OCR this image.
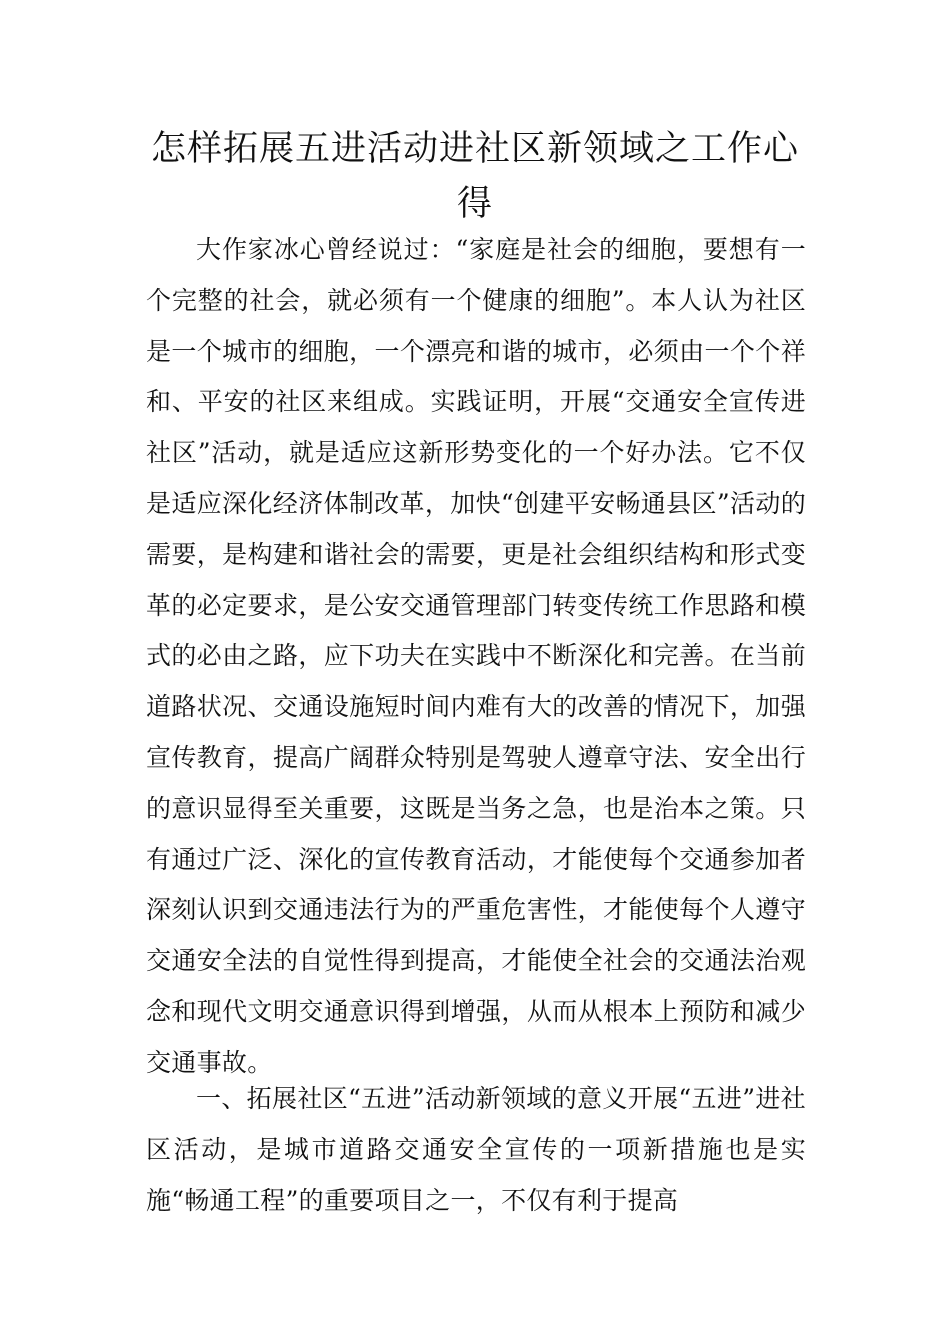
怎样拓展五进活动进社区新领域之工作心得

大作家冰心曾经说过：“家庭是社会的细胞，要想有一个完整的社会，就必须有一个健康的细胞”。本人认为社区是一个城市的细胞，一个漂亮和谐的城市，必须由一个个祥和、平安的社区来组成。实践证明，开展“交通安全宣传进社区”活动，就是适应这新形势变化的一个好办法。它不仅是适应深化经济体制改革，加快“创建平安畅通县区”活动的需要，是构建和谐社会的需要，更是社会组织结构和形式变革的必定要求，是公安交通管理部门转变传统工作思路和模式的必由之路，应下功夫在实践中不断深化和完善。在当前道路状况、交通设施短时间内难有大的改善的情况下，加强宣传教育，提高广阔群众特别是驾驶人遵章守法、安全出行的意识显得至关重要，这既是当务之急，也是治本之策。只有通过广泛、深化的宣传教育活动，才能使每个交通参加者深刻认识到交通违法行为的严重危害性，才能使每个人遵守交通安全法的自觉性得到提高，才能使全社会的交通法治观念和现代文明交通意识得到增强，从而从根本上预防和减少交通事故。

一、拓展社区“五进”活动新领域的意义开展“五进”进社区活动，是城市道路交通安全宣传的一项新措施也是实施“畅通工程”的重要项目之一，不仅有利于提高
